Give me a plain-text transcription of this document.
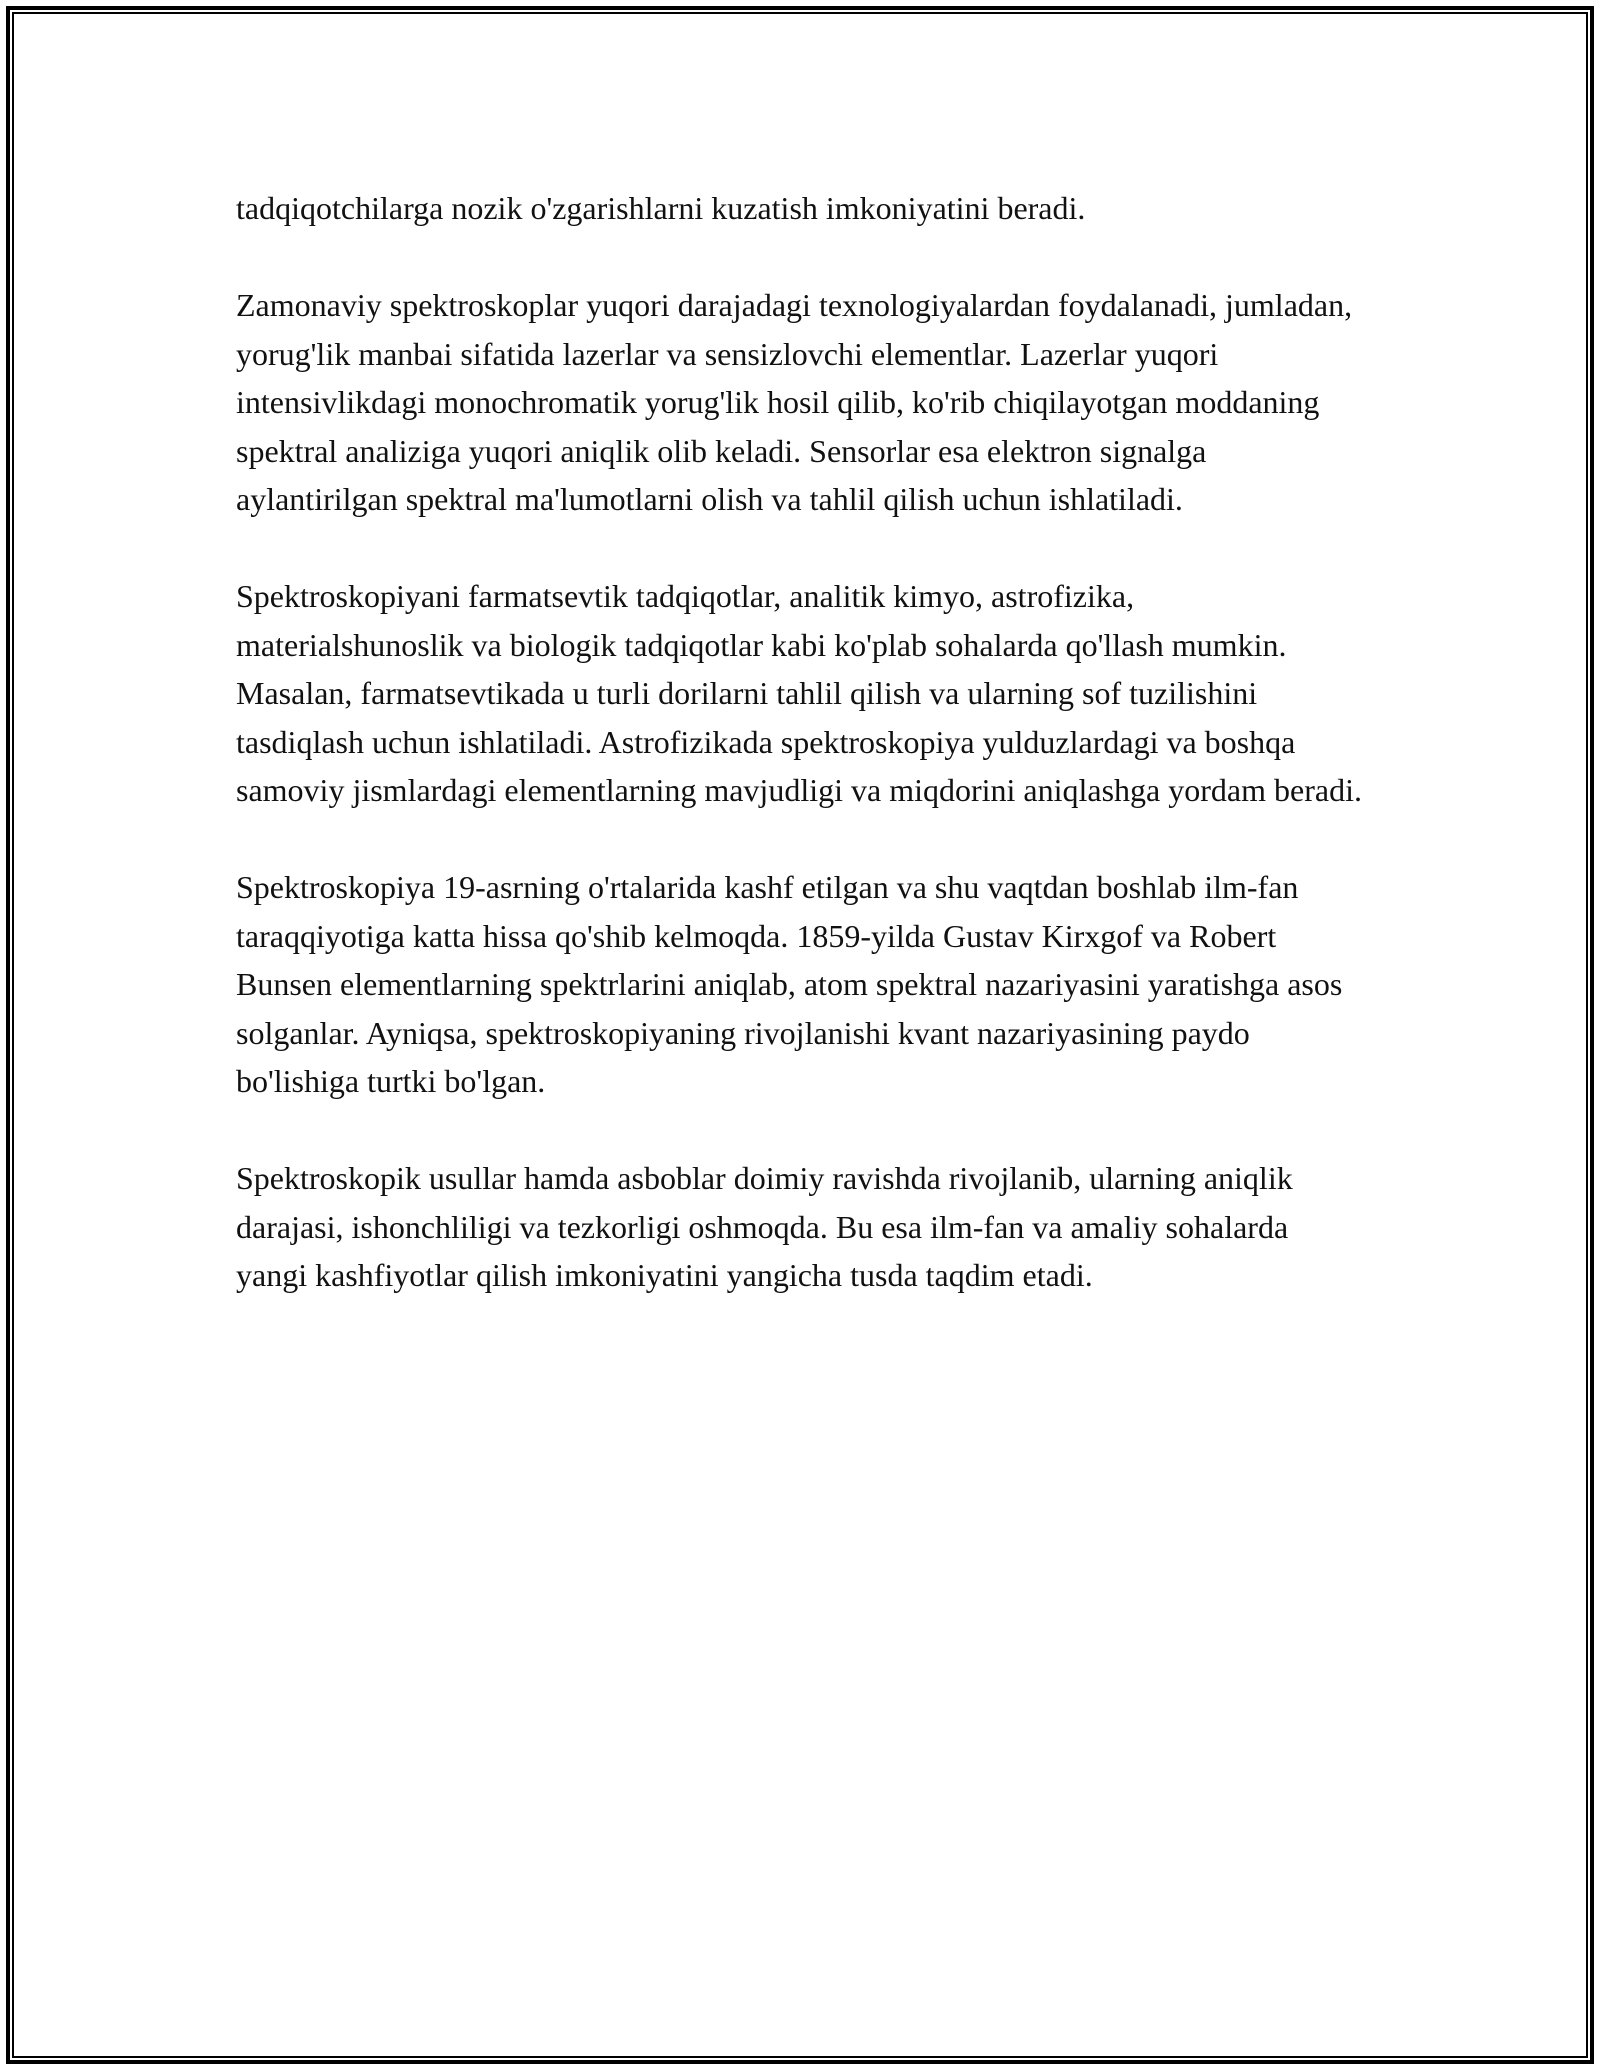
tadqiqotchilarga nozik o'zgarishlarni kuzatish imkoniyatini beradi.

Zamonaviy spektroskoplar yuqori darajadagi texnologiyalardan foydalanadi, jumladan, yorug'lik manbai sifatida lazerlar va sensizlovchi elementlar. Lazerlar yuqori intensivlikdagi monochromatik yorug'lik hosil qilib, ko'rib chiqilayotgan moddaning spektral analiziga yuqori aniqlik olib keladi. Sensorlar esa elektron signalga aylantirilgan spektral ma'lumotlarni olish va tahlil qilish uchun ishlatiladi.

Spektroskopiyani farmatsevtik tadqiqotlar, analitik kimyo, astrofizika, materialshunoslik va biologik tadqiqotlar kabi ko'plab sohalarda qo'llash mumkin. Masalan, farmatsevtikada u turli dorilarni tahlil qilish va ularning sof tuzilishini tasdiqlash uchun ishlatiladi. Astrofizikada spektroskopiya yulduzlardagi va boshqa samoviy jismlardagi elementlarning mavjudligi va miqdorini aniqlashga yordam beradi.

Spektroskopiya 19-asrning o'rtalarida kashf etilgan va shu vaqtdan boshlab ilm-fan taraqqiyotiga katta hissa qo'shib kelmoqda. 1859-yilda Gustav Kirxgof va Robert Bunsen elementlarning spektrlarini aniqlab, atom spektral nazariyasini yaratishga asos solganlar. Ayniqsa, spektroskopiyaning rivojlanishi kvant nazariyasining paydo bo'lishiga turtki bo'lgan.

Spektroskopik usullar hamda asboblar doimiy ravishda rivojlanib, ularning aniqlik darajasi, ishonchliligi va tezkorligi oshmoqda. Bu esa ilm-fan va amaliy sohalarda yangi kashfiyotlar qilish imkoniyatini yangicha tusda taqdim etadi.
